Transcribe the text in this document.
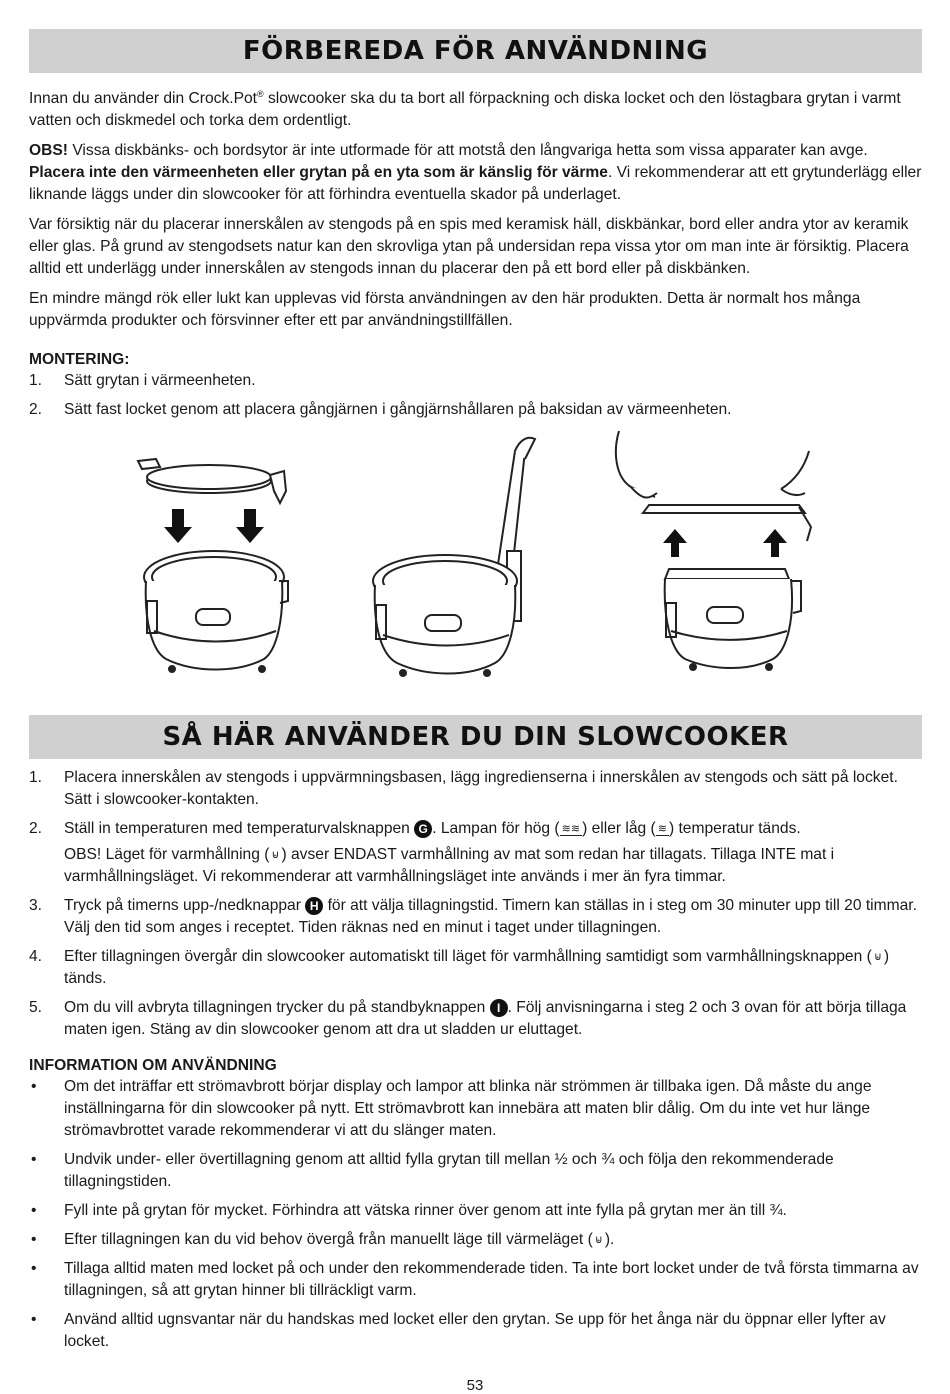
FÖRBEREDA FÖR ANVÄNDNING

Innan du använder din Crock.Pot® slowcooker ska du ta bort all förpackning och diska locket och den löstagbara grytan i varmt vatten och diskmedel och torka dem ordentligt.

OBS! Vissa diskbänks- och bordsytor är inte utformade för att motstå den långvariga hetta som vissa apparater kan avge. Placera inte den värmeenheten eller grytan på en yta som är känslig för värme. Vi rekommenderar att ett grytunderlägg eller liknande läggs under din slowcooker för att förhindra eventuella skador på underlaget.

Var försiktig när du placerar innerskålen av stengods på en spis med keramisk häll, diskbänkar, bord eller andra ytor av keramik eller glas. På grund av stengodsets natur kan den skrovliga ytan på undersidan repa vissa ytor om man inte är försiktig. Placera alltid ett underlägg under innerskålen av stengods innan du placerar den på ett bord eller på diskbänken.

En mindre mängd rök eller lukt kan upplevas vid första användningen av den här produkten. Detta är normalt hos många uppvärmda produkter och försvinner efter ett par användningstillfällen.

MONTERING:

1. Sätt grytan i värmeenheten.
2. Sätt fast locket genom att placera gångjärnen i gångjärnshållaren på baksidan av värmeenheten.
SÅ HÄR ANVÄNDER DU DIN SLOWCOOKER
1. Placera innerskålen av stengods i uppvärmningsbasen, lägg ingredienserna i innerskålen av stengods och sätt på locket. Sätt i slowcooker-kontakten.
2. Ställ in temperaturen med temperaturvalsknappen G . Lampan för hög ( ≋≋ ) eller låg ( ≋ ) temperatur tänds.
OBS! Läget för varmhållning ( ⊌ ) avser ENDAST varmhållning av mat som redan har tillagats. Tillaga INTE mat i varmhållningsläget. Vi rekommenderar att varmhållningsläget inte används i mer än fyra timmar.
3. Tryck på timerns upp-/nedknappar H för att välja tillagningstid. Timern kan ställas in i steg om 30 minuter upp till 20 timmar. Välj den tid som anges i receptet. Tiden räknas ned en minut i taget under tillagningen.
4. Efter tillagningen övergår din slowcooker automatiskt till läget för varmhållning samtidigt som varmhållningsknappen ( ⊌ ) tänds.
5. Om du vill avbryta tillagningen trycker du på standbyknappen I . Följ anvisningarna i steg 2 och 3 ovan för att börja tillaga maten igen. Stäng av din slowcooker genom att dra ut sladden ur eluttaget.

INFORMATION OM ANVÄNDNING

• Om det inträffar ett strömavbrott börjar display och lampor att blinka när strömmen är tillbaka igen. Då måste du ange inställningarna för din slowcooker på nytt. Ett strömavbrott kan innebära att maten blir dålig. Om du inte vet hur länge strömavbrottet varade rekommenderar vi att du slänger maten.
• Undvik under- eller övertillagning genom att alltid fylla grytan till mellan ½ och ¾ och följa den rekommenderade tillagningstiden.
• Fyll inte på grytan för mycket. Förhindra att vätska rinner över genom att inte fylla på grytan mer än till ¾.
• Efter tillagningen kan du vid behov övergå från manuellt läge till värmeläget ( ⊌ ).
• Tillaga alltid maten med locket på och under den rekommenderade tiden. Ta inte bort locket under de två första timmarna av tillagningen, så att grytan hinner bli tillräckligt varm.
• Använd alltid ugnsvantar när du handskas med locket eller den grytan. Se upp för het ånga när du öppnar eller lyfter av locket.
53
